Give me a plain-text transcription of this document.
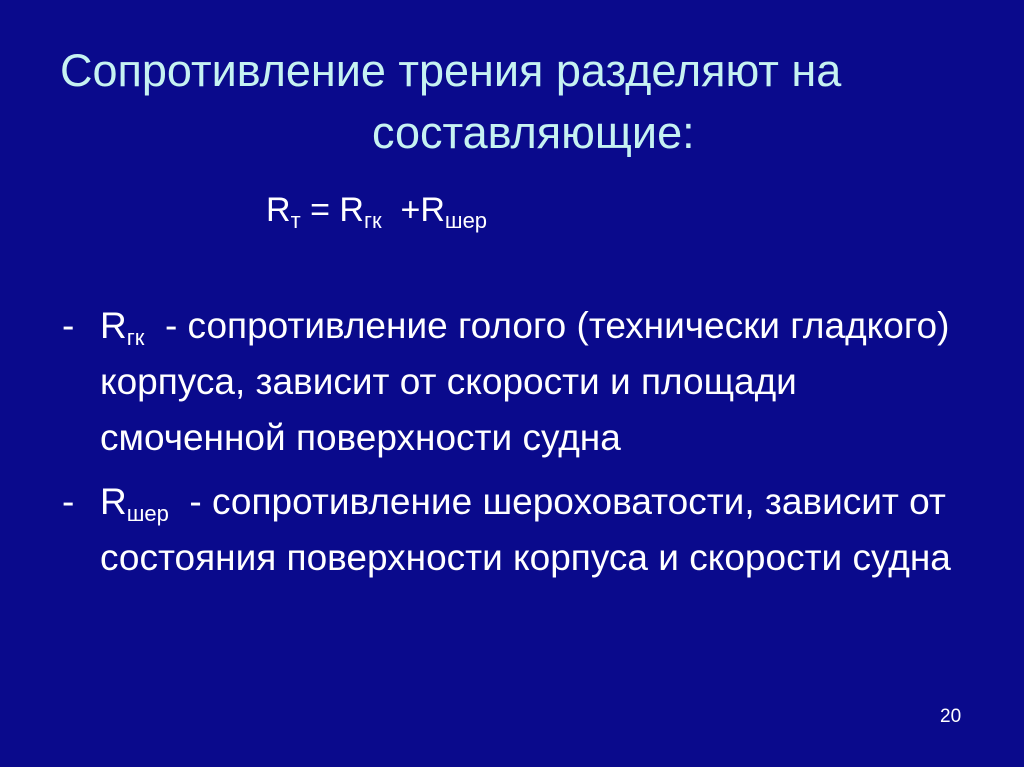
Сопротивление трения разделяют на
составляющие:
$R_т = R_{гк} +R_{шер}$
- $R_{гк}$  - сопротивление голого (технически гладкого) корпуса, зависит от скорости и площади смоченной поверхности судна
- $R_{шер}$  - сопротивление шероховатости, зависит от состояния поверхности корпуса и скорости судна
20
